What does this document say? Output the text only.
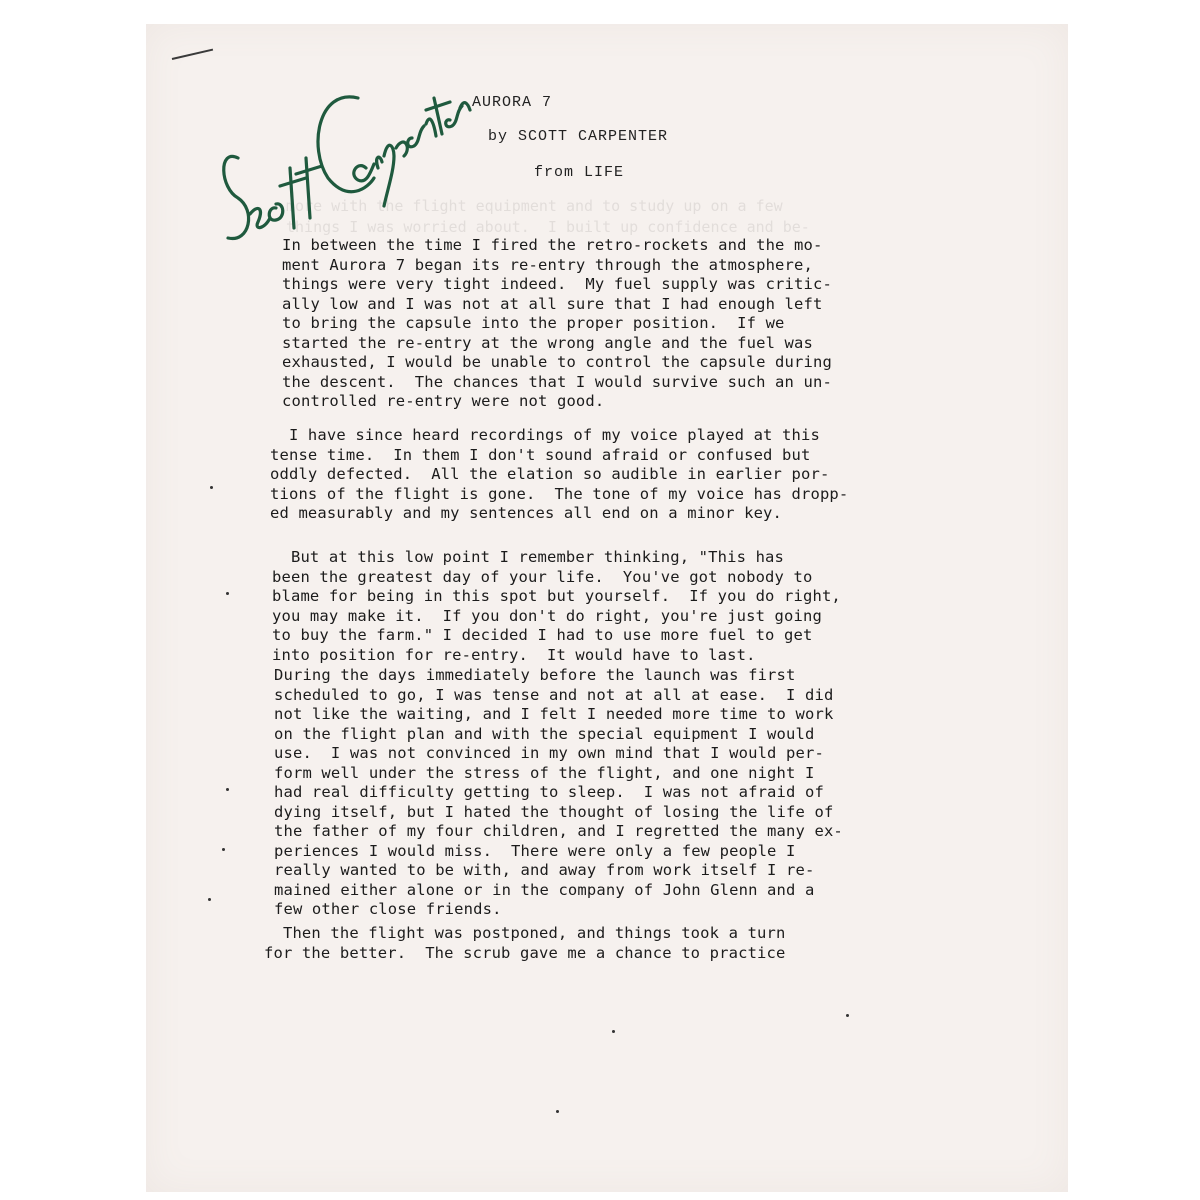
more with the flight equipment and to study up on a few
things I was worried about.  I built up confidence and be-
AURORA 7
by SCOTT CARPENTER
from LIFE
In between the time I fired the retro-rockets and the mo-
ment Aurora 7 began its re-entry through the atmosphere,
things were very tight indeed.  My fuel supply was critic-
ally low and I was not at all sure that I had enough left
to bring the capsule into the proper position.  If we
started the re-entry at the wrong angle and the fuel was
exhausted, I would be unable to control the capsule during
the descent.  The chances that I would survive such an un-
controlled re-entry were not good.
I have since heard recordings of my voice played at this
tense time.  In them I don't sound afraid or confused but
oddly defected.  All the elation so audible in earlier por-
tions of the flight is gone.  The tone of my voice has dropp-
ed measurably and my sentences all end on a minor key.
But at this low point I remember thinking, "This has
been the greatest day of your life.  You've got nobody to
blame for being in this spot but yourself.  If you do right,
you may make it.  If you don't do right, you're just going
to buy the farm." I decided I had to use more fuel to get
into position for re-entry.  It would have to last.
During the days immediately before the launch was first
scheduled to go, I was tense and not at all at ease.  I did
not like the waiting, and I felt I needed more time to work
on the flight plan and with the special equipment I would
use.  I was not convinced in my own mind that I would per-
form well under the stress of the flight, and one night I
had real difficulty getting to sleep.  I was not afraid of
dying itself, but I hated the thought of losing the life of
the father of my four children, and I regretted the many ex-
periences I would miss.  There were only a few people I
really wanted to be with, and away from work itself I re-
mained either alone or in the company of John Glenn and a
few other close friends.
Then the flight was postponed, and things took a turn
for the better.  The scrub gave me a chance to practice
